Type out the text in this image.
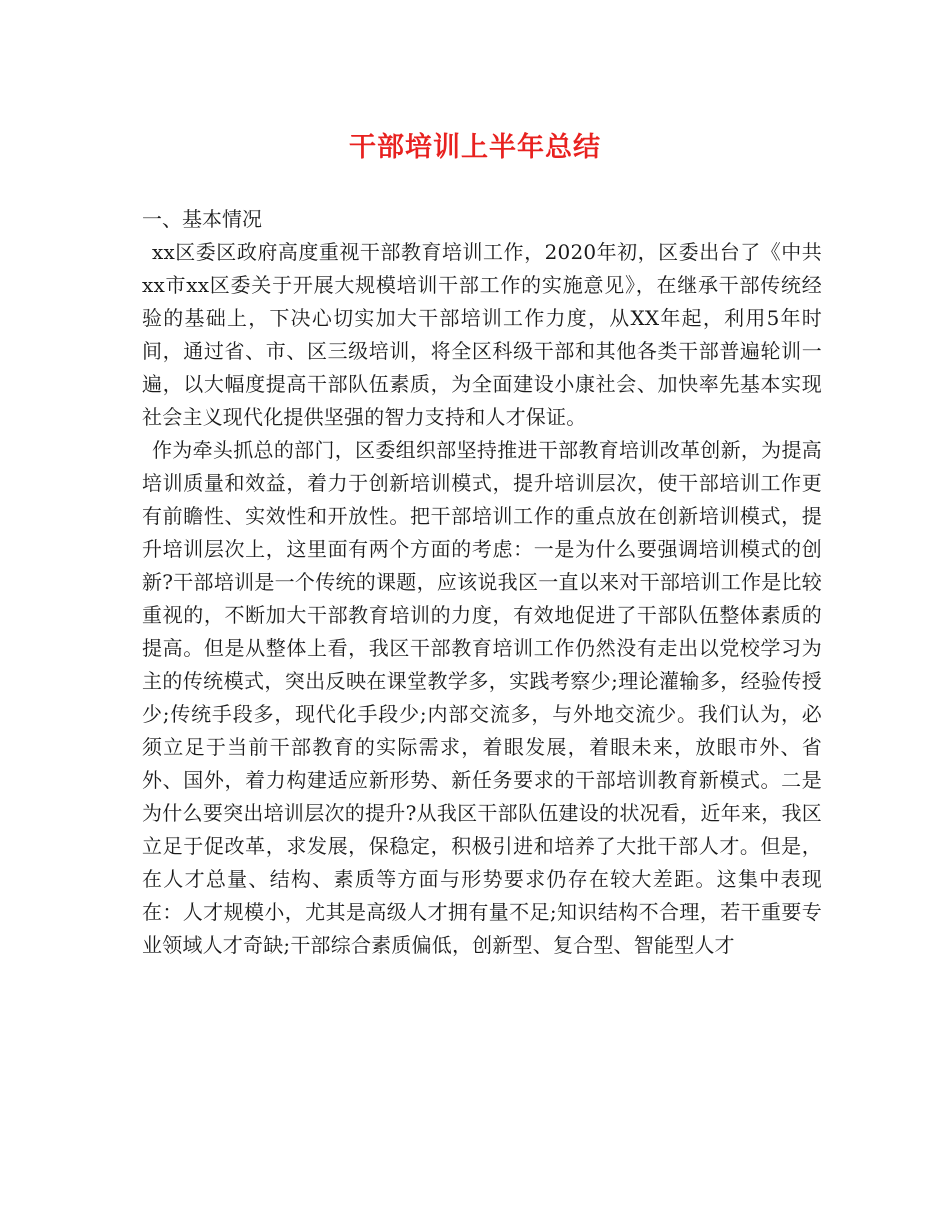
干部培训上半年总结

一、基本情况

xx区委区政府高度重视干部教育培训工作，2020年初，区委出台了《中共xx市xx区委关于开展大规模培训干部工作的实施意见》，在继承干部传统经验的基础上，下决心切实加大干部培训工作力度，从XX年起，利用5年时间，通过省、市、区三级培训，将全区科级干部和其他各类干部普遍轮训一遍，以大幅度提高干部队伍素质，为全面建设小康社会、加快率先基本实现社会主义现代化提供坚强的智力支持和人才保证。

作为牵头抓总的部门，区委组织部坚持推进干部教育培训改革创新，为提高培训质量和效益，着力于创新培训模式，提升培训层次，使干部培训工作更有前瞻性、实效性和开放性。把干部培训工作的重点放在创新培训模式，提升培训层次上，这里面有两个方面的考虑：一是为什么要强调培训模式的创新?干部培训是一个传统的课题，应该说我区一直以来对干部培训工作是比较重视的，不断加大干部教育培训的力度，有效地促进了干部队伍整体素质的提高。但是从整体上看，我区干部教育培训工作仍然没有走出以党校学习为主的传统模式，突出反映在课堂教学多，实践考察少;理论灌输多，经验传授少;传统手段多，现代化手段少;内部交流多，与外地交流少。我们认为，必须立足于当前干部教育的实际需求，着眼发展，着眼未来，放眼市外、省外、国外，着力构建适应新形势、新任务要求的干部培训教育新模式。二是为什么要突出培训层次的提升?从我区干部队伍建设的状况看，近年来，我区立足于促改革，求发展，保稳定，积极引进和培养了大批干部人才。但是，在人才总量、结构、素质等方面与形势要求仍存在较大差距。这集中表现在：人才规模小，尤其是高级人才拥有量不足;知识结构不合理，若干重要专业领域人才奇缺;干部综合素质偏低，创新型、复合型、智能型人才
